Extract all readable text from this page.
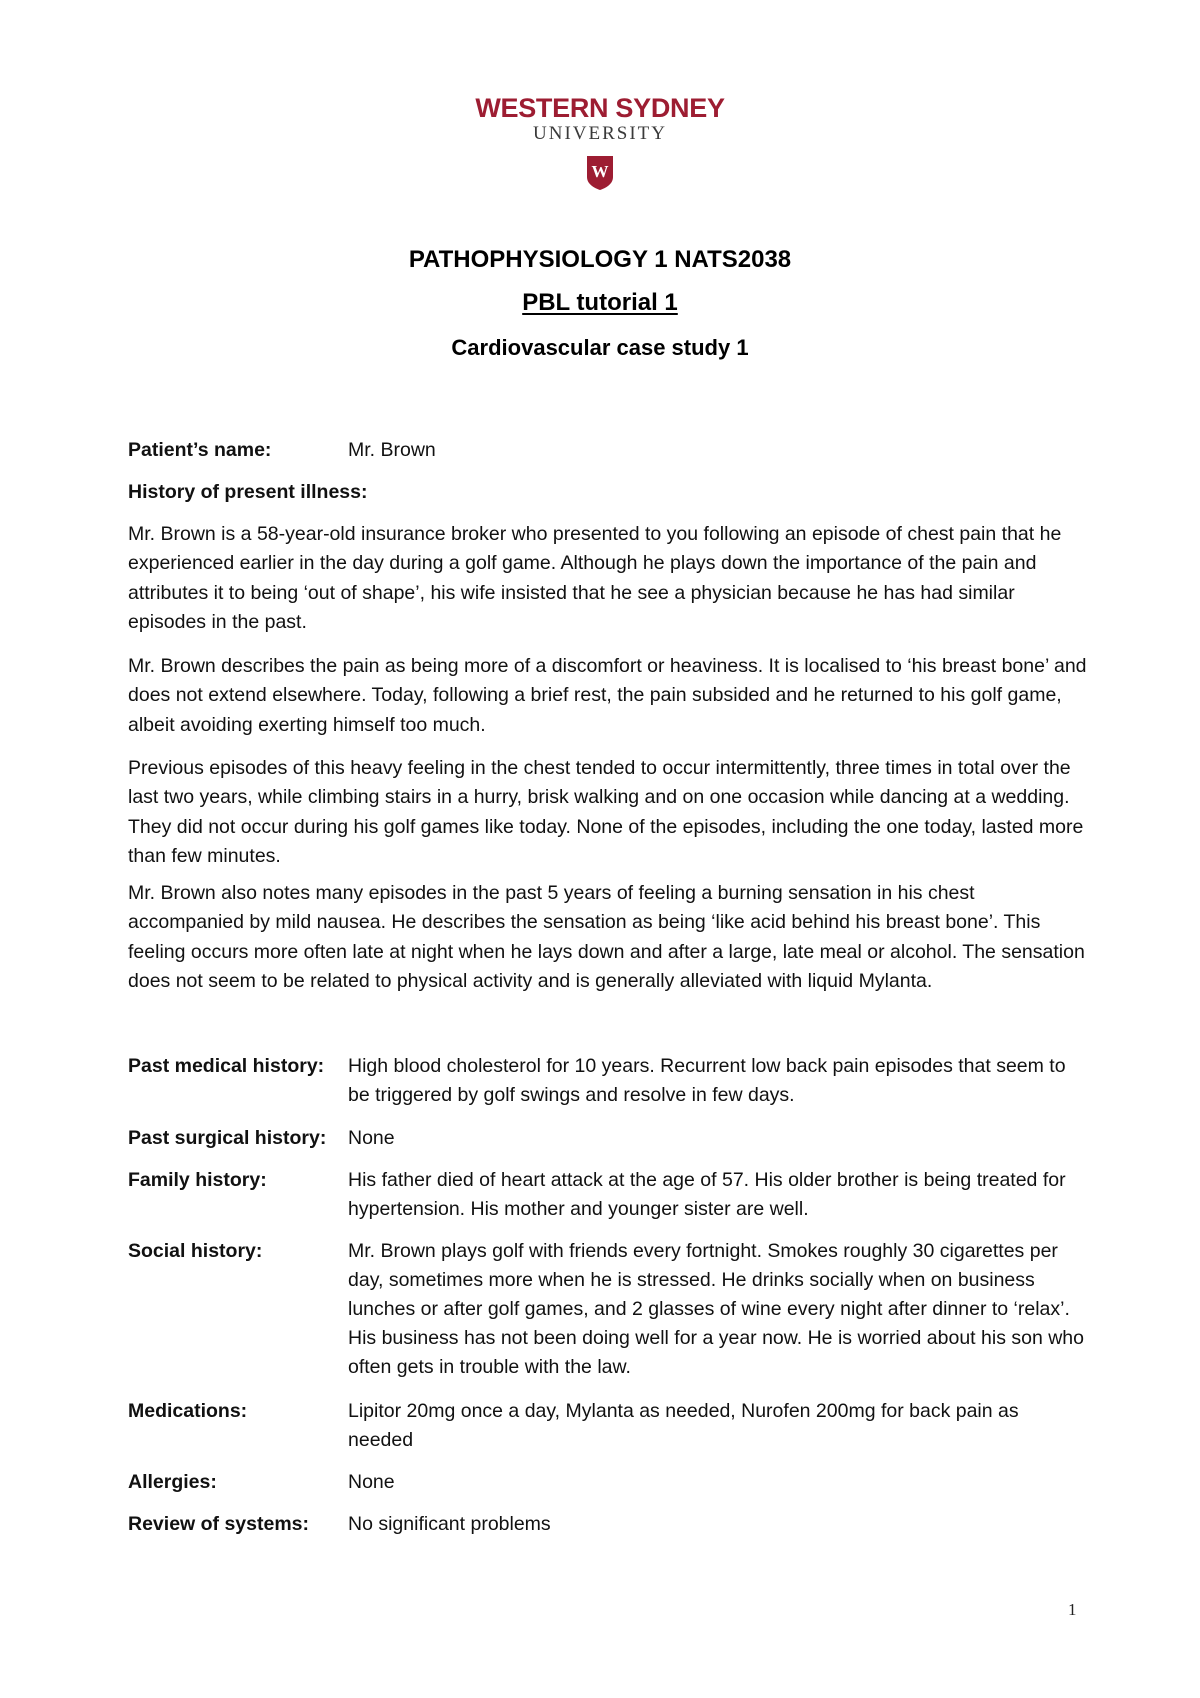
WESTERN SYDNEY
UNIVERSITY
W
PATHOPHYSIOLOGY 1 NATS2038
PBL tutorial 1
Cardiovascular case study 1
Patient’s name:	Mr. Brown
History of present illness:

Mr. Brown is a 58-year-old insurance broker who presented to you following an episode of chest pain that he experienced earlier in the day during a golf game. Although he plays down the importance of the pain and attributes it to being ‘out of shape’, his wife insisted that he see a physician because he has had similar episodes in the past.

Mr. Brown describes the pain as being more of a discomfort or heaviness. It is localised to ‘his breast bone’ and does not extend elsewhere. Today, following a brief rest, the pain subsided and he returned to his golf game, albeit avoiding exerting himself too much.

Previous episodes of this heavy feeling in the chest tended to occur intermittently, three times in total over the last two years, while climbing stairs in a hurry, brisk walking and on one occasion while dancing at a wedding. They did not occur during his golf games like today. None of the episodes, including the one today, lasted more than few minutes.

Mr. Brown also notes many episodes in the past 5 years of feeling a burning sensation in his chest accompanied by mild nausea. He describes the sensation as being ‘like acid behind his breast bone’. This feeling occurs more often late at night when he lays down and after a large, late meal or alcohol. The sensation does not seem to be related to physical activity and is generally alleviated with liquid Mylanta.

Past medical history:	High blood cholesterol for 10 years. Recurrent low back pain episodes that seem to be triggered by golf swings and resolve in few days.
Past surgical history:	None
Family history:	His father died of heart attack at the age of 57. His older brother is being treated for hypertension. His mother and younger sister are well.
Social history:	Mr. Brown plays golf with friends every fortnight. Smokes roughly 30 cigarettes per day, sometimes more when he is stressed. He drinks socially when on business lunches or after golf games, and 2 glasses of wine every night after dinner to ‘relax’. His business has not been doing well for a year now. He is worried about his son who often gets in trouble with the law.
Medications:	Lipitor 20mg once a day, Mylanta as needed, Nurofen 200mg for back pain as needed
Allergies:	None
Review of systems:	No significant problems
1
